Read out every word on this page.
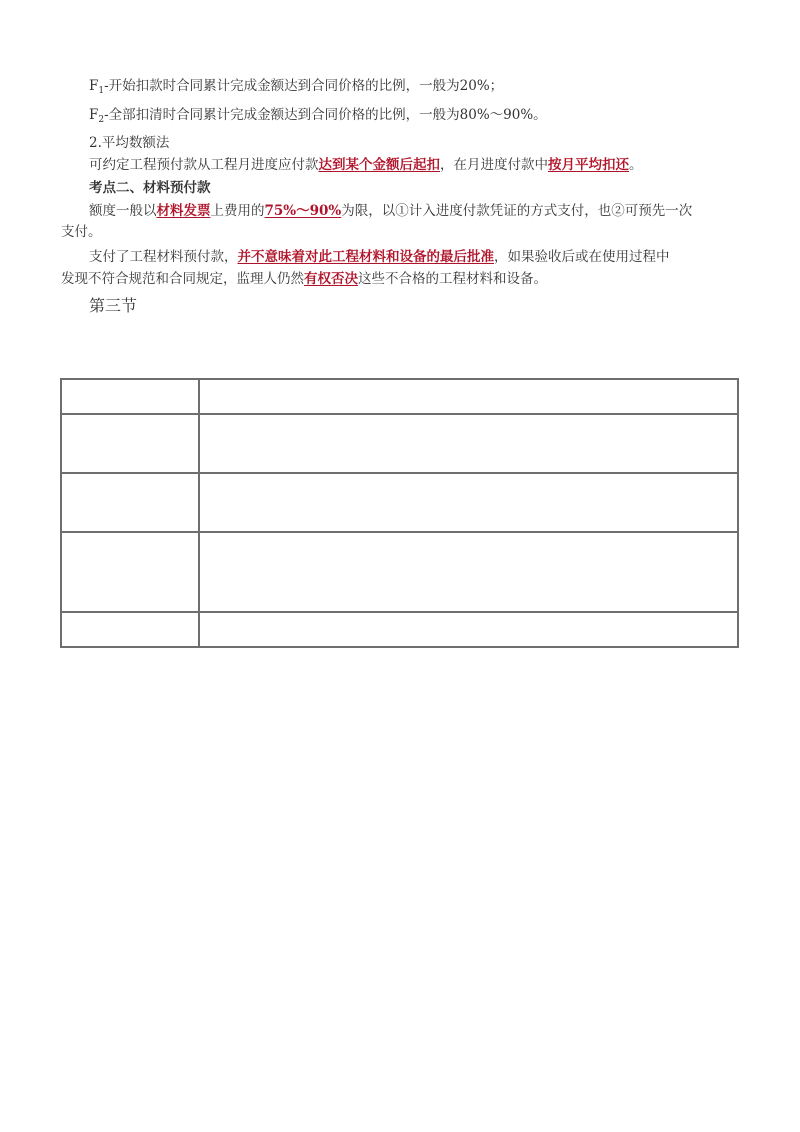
$F_1-$开始扣款时合同累计完成金额达到合同价格的比例，一般为20%；
$F_2-$全部扣清时合同累计完成金额达到合同价格的比例，一般为80%～90%。
2.平均数额法
可约定工程预付款从工程月进度应付款达到某个金额后起扣，在月进度付款中按月平均扣还。
考点二、材料预付款
额度一般以材料发票上费用的75%～90%为限，以①计入进度付款凭证的方式支付，也②可预先一次
支付。
支付了工程材料预付款，并不意味着对此工程材料和设备的最后批准，如果验收后或在使用过程中
发现不符合规范和合同规定，监理人仍然有权否决这些不合格的工程材料和设备。
第三节
